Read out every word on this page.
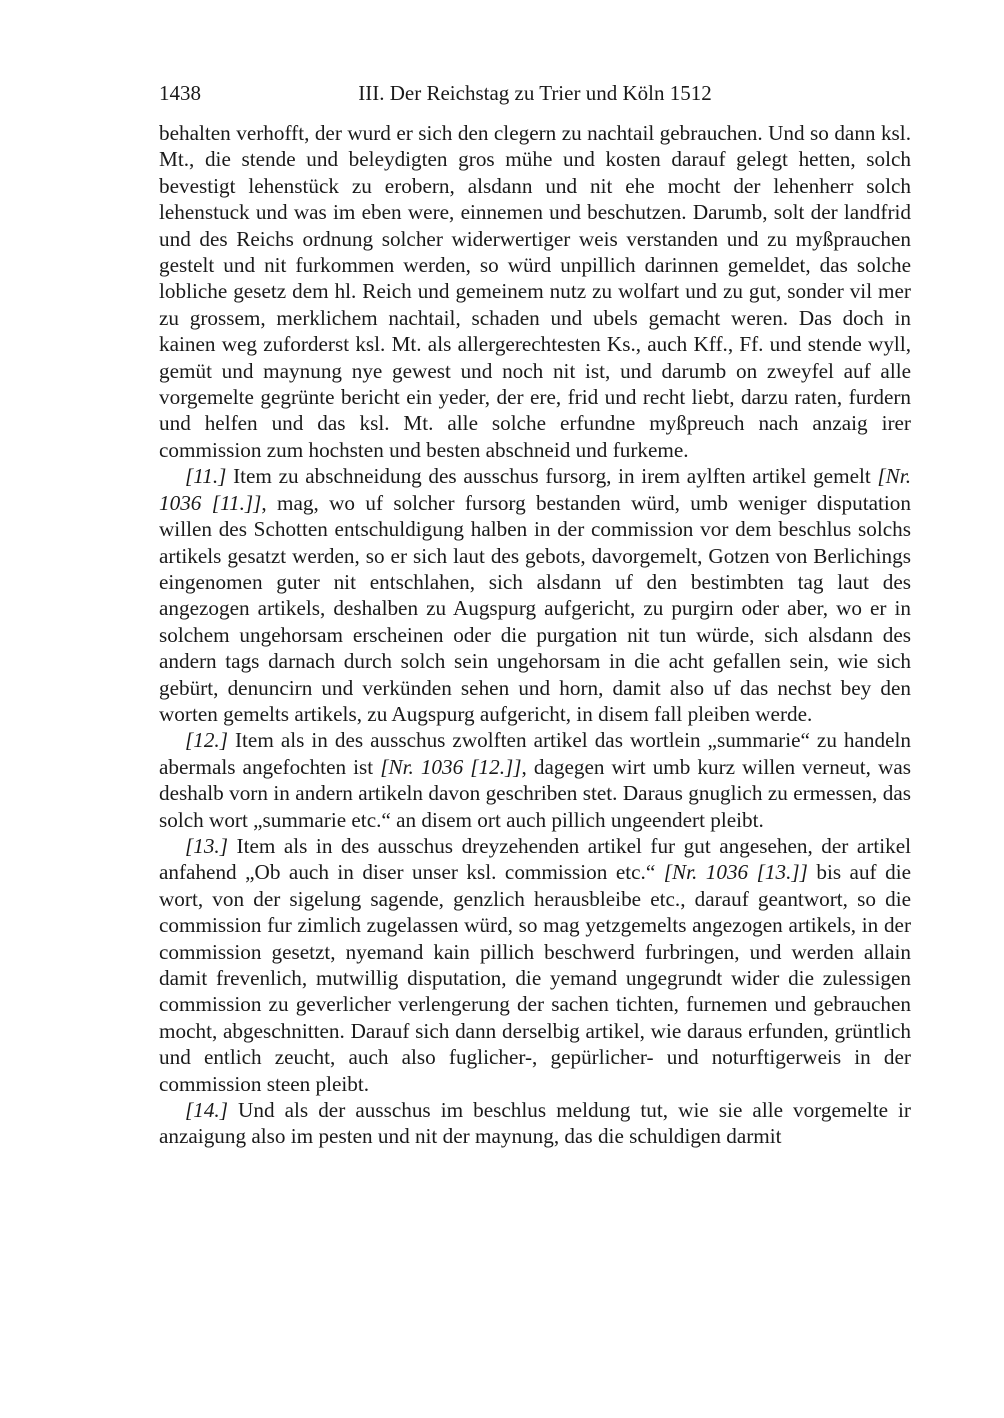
1438	III. Der Reichstag zu Trier und Köln 1512

behalten verhofft, der wurd er sich den clegern zu nachtail gebrauchen. Und so dann ksl. Mt., die stende und beleydigten gros mühe und kosten darauf gelegt hetten, solch bevestigt lehenstück zu erobern, alsdann und nit ehe mocht der lehenherr solch lehenstuck und was im eben were, einnemen und beschutzen. Darumb, solt der landfrid und des Reichs ordnung solcher widerwertiger weis verstanden und zu myßprauchen gestelt und nit furkommen werden, so würd unpillich darinnen gemeldet, das solche lobliche gesetz dem hl. Reich und gemeinem nutz zu wolfart und zu gut, sonder vil mer zu grossem, merklichem nachtail, schaden und ubels gemacht weren. Das doch in kainen weg zuforderst ksl. Mt. als allergerechtesten Ks., auch Kff., Ff. und stende wyll, gemüt und maynung nye gewest und noch nit ist, und darumb on zweyfel auf alle vorgemelte gegrünte bericht ein yeder, der ere, frid und recht liebt, darzu raten, furdern und helfen und das ksl. Mt. alle solche erfundne myßpreuch nach anzaig irer commission zum hochsten und besten abschneid und furkeme.

[11.] Item zu abschneidung des ausschus fursorg, in irem aylften artikel gemelt [Nr. 1036 [11.]], mag, wo uf solcher fursorg bestanden würd, umb weniger disputation willen des Schotten entschuldigung halben in der commission vor dem beschlus solchs artikels gesatzt werden, so er sich laut des gebots, davorgemelt, Gotzen von Berlichings eingenomen guter nit entschlahen, sich alsdann uf den bestimbten tag laut des angezogen artikels, deshalben zu Augspurg aufgericht, zu purgirn oder aber, wo er in solchem ungehorsam erscheinen oder die purgation nit tun würde, sich alsdann des andern tags darnach durch solch sein ungehorsam in die acht gefallen sein, wie sich gebürt, denuncirn und verkünden sehen und horn, damit also uf das nechst bey den worten gemelts artikels, zu Augspurg aufgericht, in disem fall pleiben werde.

[12.] Item als in des ausschus zwolften artikel das wortlein „summarie“ zu handeln abermals angefochten ist [Nr. 1036 [12.]], dagegen wirt umb kurz willen verneut, was deshalb vorn in andern artikeln davon geschriben stet. Daraus gnuglich zu ermessen, das solch wort „summarie etc.“ an disem ort auch pillich ungeendert pleibt.

[13.] Item als in des ausschus dreyzehenden artikel fur gut angesehen, der artikel anfahend „Ob auch in diser unser ksl. commission etc.“ [Nr. 1036 [13.]] bis auf die wort, von der sigelung sagende, genzlich herausbleibe etc., darauf geantwort, so die commission fur zimlich zugelassen würd, so mag yetzgemelts angezogen artikels, in der commission gesetzt, nyemand kain pillich beschwerd furbringen, und werden allain damit frevenlich, mutwillig disputation, die yemand ungegrundt wider die zulessigen commission zu geverlicher verlengerung der sachen tichten, furnemen und gebrauchen mocht, abgeschnitten. Darauf sich dann derselbig artikel, wie daraus erfunden, grüntlich und entlich zeucht, auch also fuglicher-, gepürlicher- und noturftigerweis in der commission steen pleibt.

[14.] Und als der ausschus im beschlus meldung tut, wie sie alle vorgemelte ir anzaigung also im pesten und nit der maynung, das die schuldigen darmit
